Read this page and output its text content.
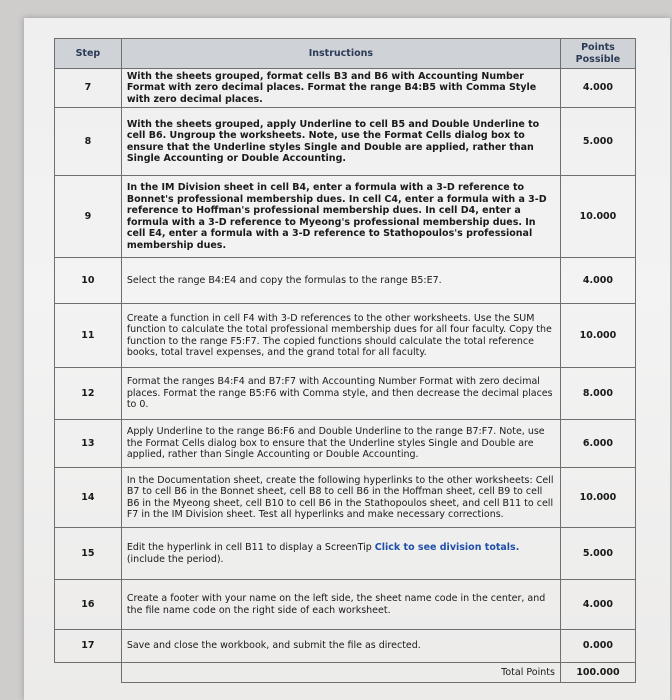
Step	Instructions	Points Possible
7	With the sheets grouped, format cells B3 and B6 with Accounting Number Format with zero decimal places. Format the range B4:B5 with Comma Style with zero decimal places.	4.000
8	With the sheets grouped, apply Underline to cell B5 and Double Underline to cell B6. Ungroup the worksheets. Note, use the Format Cells dialog box to ensure that the Underline styles Single and Double are applied, rather than Single Accounting or Double Accounting.	5.000
9	In the IM Division sheet in cell B4, enter a formula with a 3-D reference to Bonnet's professional membership dues. In cell C4, enter a formula with a 3-D reference to Hoffman's professional membership dues. In cell D4, enter a formula with a 3-D reference to Myeong's professional membership dues. In cell E4, enter a formula with a 3-D reference to Stathopoulos's professional membership dues.	10.000
10	Select the range B4:E4 and copy the formulas to the range B5:E7.	4.000
11	Create a function in cell F4 with 3-D references to the other worksheets. Use the SUM function to calculate the total professional membership dues for all four faculty. Copy the function to the range F5:F7. The copied functions should calculate the total reference books, total travel expenses, and the grand total for all faculty.	10.000
12	Format the ranges B4:F4 and B7:F7 with Accounting Number Format with zero decimal places. Format the range B5:F6 with Comma style, and then decrease the decimal places to 0.	8.000
13	Apply Underline to the range B6:F6 and Double Underline to the range B7:F7. Note, use the Format Cells dialog box to ensure that the Underline styles Single and Double are applied, rather than Single Accounting or Double Accounting.	6.000
14	In the Documentation sheet, create the following hyperlinks to the other worksheets: Cell B7 to cell B6 in the Bonnet sheet, cell B8 to cell B6 in the Hoffman sheet, cell B9 to cell B6 in the Myeong sheet, cell B10 to cell B6 in the Stathopoulos sheet, and cell B11 to cell F7 in the IM Division sheet. Test all hyperlinks and make necessary corrections.	10.000
15	Edit the hyperlink in cell B11 to display a ScreenTip Click to see division totals. (include the period).	5.000
16	Create a footer with your name on the left side, the sheet name code in the center, and the file name code on the right side of each worksheet.	4.000
17	Save and close the workbook, and submit the file as directed.	0.000
	Total Points	100.000
